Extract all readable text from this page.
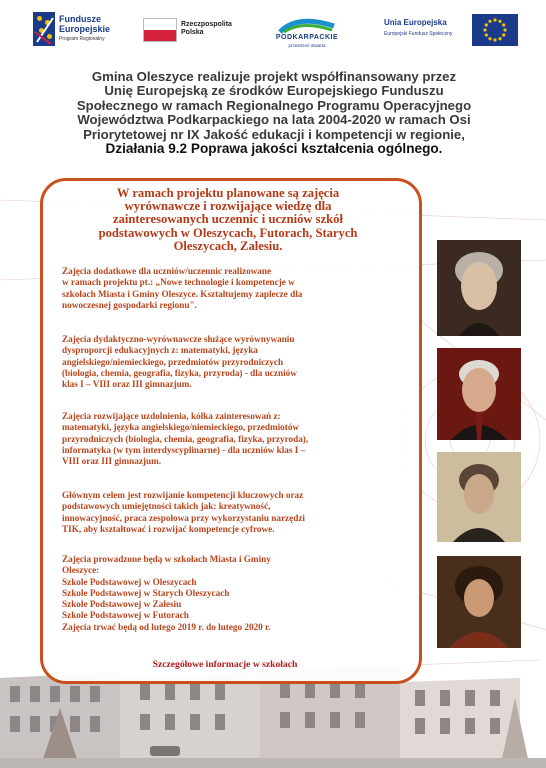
Fundusze
Europejskie
Program Regionalny
Rzeczpospolita
Polska
PODKARPACKIE
przestrzeń otwarta
Unia Europejska
Europejski Fundusz Społeczny
Gmina Oleszyce realizuje projekt współfinansowany przez
Unię Europejską ze środków Europejskiego Funduszu
Społecznego w ramach Regionalnego Programu Operacyjnego
Województwa Podkarpackiego na lata 2004-2020 w ramach Osi
Priorytetowej nr IX Jakość edukacji i kompetencji w regionie,
Działania 9.2 Poprawa jakości kształcenia ogólnego.
W ramach projektu planowane są zajęcia
wyrównawcze i rozwijające wiedzę dla
zainteresowanych uczennic i uczniów szkół
podstawowych w Oleszycach, Futorach, Starych
Oleszycach, Zalesiu.

Zajęcia dodatkowe dla uczniów/uczennic realizowane
w ramach projektu pt.: „Nowe technologie i kompetencje w
szkołach Miasta i Gminy Oleszyce. Kształtujemy zaplecze dla
nowoczesnej gospodarki regionu".

Zajęcia dydaktyczno-wyrównawcze służące wyrównywaniu
dysproporcji edukacyjnych z: matematyki, języka
angielskiego/niemieckiego, przedmiotów przyrodniczych
(biologia, chemia, geografia, fizyka, przyroda) - dla uczniów
klas I – VIII oraz III gimnazjum.

Zajęcia rozwijające uzdolnienia, kółka zainteresowań z:
matematyki, języka angielskiego/niemieckiego, przedmiotów
przyrodniczych (biologia, chemia, geografia, fizyka, przyroda),
informatyka (w tym interdyscyplinarne) - dla uczniów klas I –
VIII oraz III gimnazjum.

Głównym celem jest rozwijanie kompetencji kluczowych oraz
podstawowych umiejętności takich jak: kreatywność,
innowacyjność, praca zespołowa przy wykorzystaniu narzędzi
TIK, aby kształtować i rozwijać kompetencje cyfrowe.

Zajęcia prowadzone będą w szkołach Miasta i Gminy
Oleszyce:
Szkole Podstawowej w Oleszycach
Szkole Podstawowej w Starych Oleszycach
Szkole Podstawowej w Zalesiu
Szkole Podstawowej w Futorach
Zajęcia trwać będą od lutego 2019 r. do lutego 2020 r.

Szczegółowe informacje w szkołach
